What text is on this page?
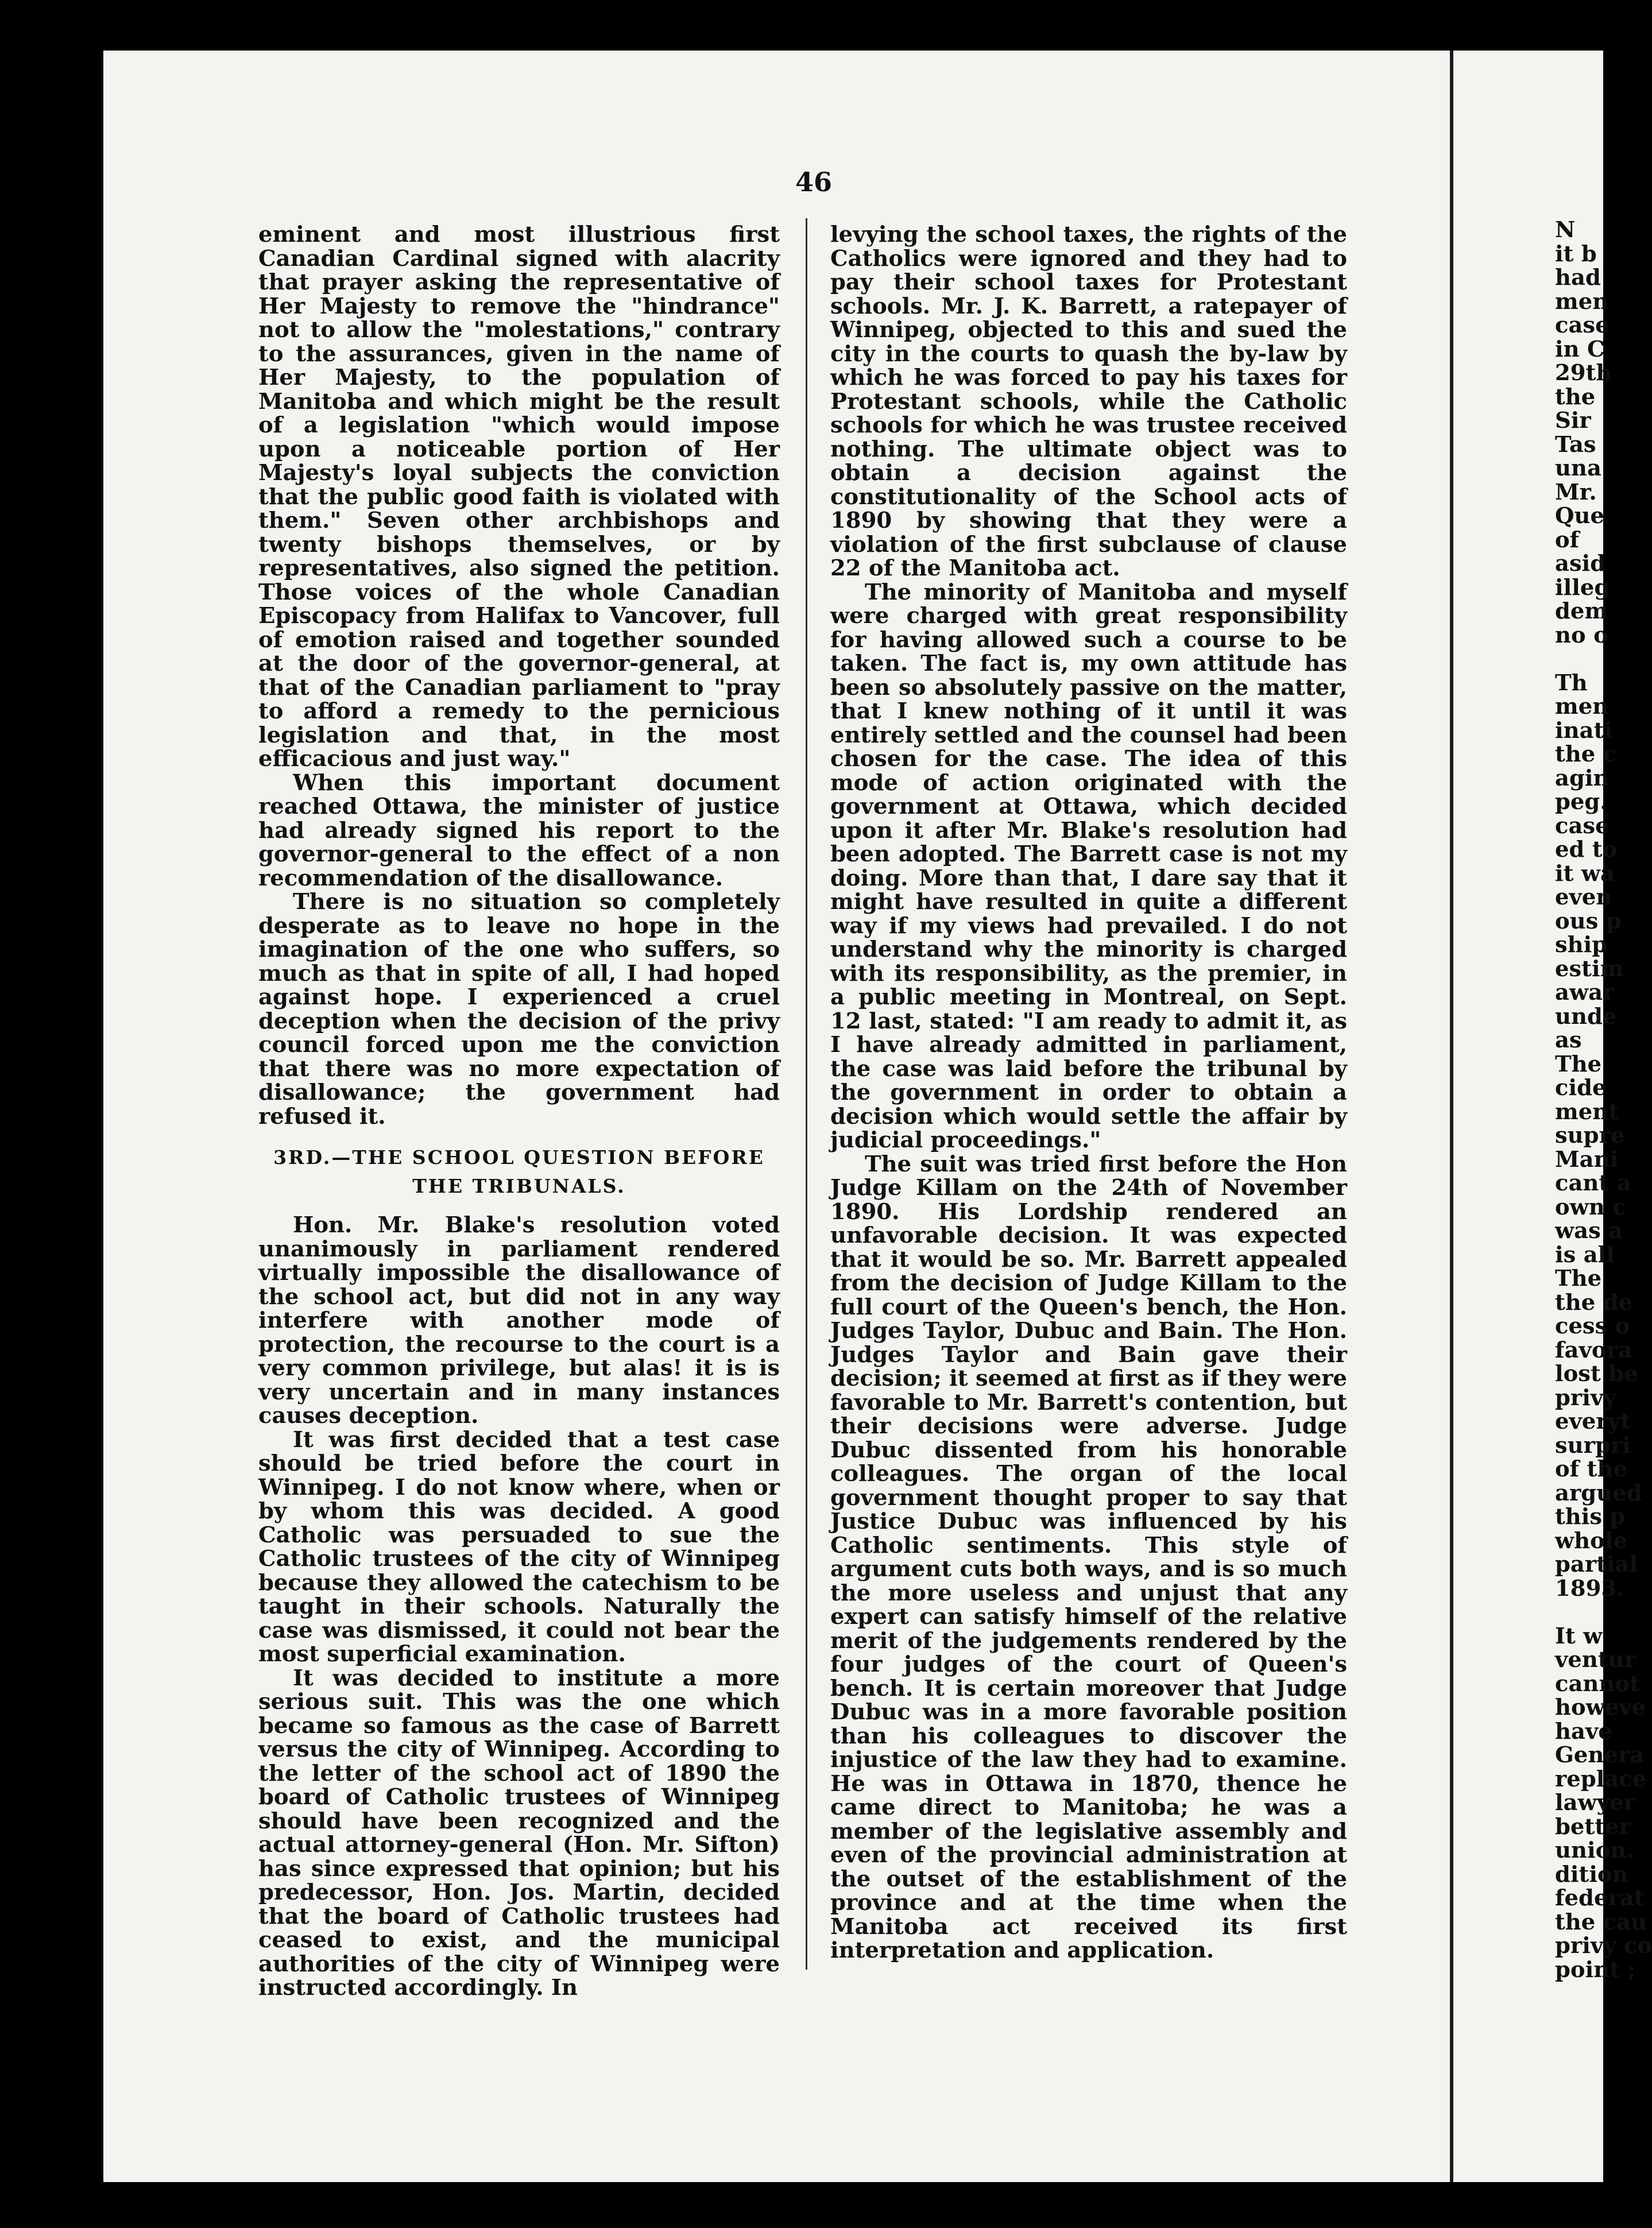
46

eminent and most illustrious first Canadian Cardinal signed with alacrity that prayer asking the representative of Her Majesty to remove the "hindrance" not to allow the "molestations," contrary to the assurances, given in the name of Her Majesty, to the population of Manitoba and which might be the result of a legislation "which would impose upon a noticeable portion of Her Majesty's loyal subjects the conviction that the public good faith is violated with them." Seven other archbishops and twenty bishops themselves, or by representatives, also signed the petition. Those voices of the whole Canadian Episcopacy from Halifax to Vancover, full of emotion raised and together sounded at the door of the governor-general, at that of the Canadian parliament to "pray to afford a remedy to the pernicious legislation and that, in the most efficacious and just way."

When this important document reached Ottawa, the minister of justice had already signed his report to the governor-general to the effect of a non recommendation of the disallowance.

There is no situation so completely desperate as to leave no hope in the imagination of the one who suffers, so much as that in spite of all, I had hoped against hope. I experienced a cruel deception when the decision of the privy council forced upon me the conviction that there was no more expectation of disallowance; the government had refused it.

3RD.—THE SCHOOL QUESTION BEFORE THE TRIBUNALS.

Hon. Mr. Blake's resolution voted unanimously in parliament rendered virtually impossible the disallowance of the school act, but did not in any way interfere with another mode of protection, the recourse to the court is a very common privilege, but alas! it is is very uncertain and in many instances causes deception.

It was first decided that a test case should be tried before the court in Winnipeg. I do not know where, when or by whom this was decided. A good Catholic was persuaded to sue the Catholic trustees of the city of Winnipeg because they allowed the catechism to be taught in their schools. Naturally the case was dismissed, it could not bear the most superficial examination.

It was decided to institute a more serious suit. This was the one which became so famous as the case of Barrett versus the city of Winnipeg. According to the letter of the school act of 1890 the board of Catholic trustees of Winnipeg should have been recognized and the actual attorney-general (Hon. Mr. Sifton) has since expressed that opinion; but his predecessor, Hon. Jos. Martin, decided that the board of Catholic trustees had ceased to exist, and the municipal authorities of the city of Winnipeg were instructed accordingly. In

levying the school taxes, the rights of the Catholics were ignored and they had to pay their school taxes for Protestant schools. Mr. J. K. Barrett, a ratepayer of Winnipeg, objected to this and sued the city in the courts to quash the by-law by which he was forced to pay his taxes for Protestant schools, while the Catholic schools for which he was trustee received nothing. The ultimate object was to obtain a decision against the constitutionality of the School acts of 1890 by showing that they were a violation of the first subclause of clause 22 of the Manitoba act.

The minority of Manitoba and myself were charged with great responsibility for having allowed such a course to be taken. The fact is, my own attitude has been so absolutely passive on the matter, that I knew nothing of it until it was entirely settled and the counsel had been chosen for the case. The idea of this mode of action originated with the government at Ottawa, which decided upon it after Mr. Blake's resolution had been adopted. The Barrett case is not my doing. More than that, I dare say that it might have resulted in quite a different way if my views had prevailed. I do not understand why the minority is charged with its responsibility, as the premier, in a public meeting in Montreal, on Sept. 12 last, stated: "I am ready to admit it, as I have already admitted in parliament, the case was laid before the tribunal by the government in order to obtain a decision which would settle the affair by judicial proceedings."

The suit was tried first before the Hon Judge Killam on the 24th of November 1890. His Lordship rendered an unfavorable decision. It was expected that it would be so. Mr. Barrett appealed from the decision of Judge Killam to the full court of the Queen's bench, the Hon. Judges Taylor, Dubuc and Bain. The Hon. Judges Taylor and Bain gave their decision; it seemed at first as if they were favorable to Mr. Barrett's contention, but their decisions were adverse. Judge Dubuc dissented from his honorable colleagues. The organ of the local government thought proper to say that Justice Dubuc was influenced by his Catholic sentiments. This style of argument cuts both ways, and is so much the more useless and unjust that any expert can satisfy himself of the relative merit of the judgements rendered by the four judges of the court of Queen's bench. It is certain moreover that Judge Dubuc was in a more favorable position than his colleagues to discover the injustice of the law they had to examine. He was in Ottawa in 1870, thence he came direct to Manitoba; he was a member of the legislative assembly and even of the provincial administration at the outset of the establishment of the province and at the time when the Manitoba act received its first interpretation and application.

N
it b
had
men
case
in C
29th
the
Sir
Tas
una
Mr.
Que
of
asid
illeg
dem
no o
Th
men
inati
the c
agin
peg.
case
ed to
it wa
even
ous p
ship
estim
awar
unde
as
The
cide
ment
supre
Mani
cant a
own c
was a
is all
The
the de
cess o
favora
lost be
privy
everyt
surpri
of the
argued
this p
whole
partial
1893.
It w
ventur
cannot
howeve
have
Genera
replace
lawyer
better
union.
dition
federat
the cau
privy co
point ;
